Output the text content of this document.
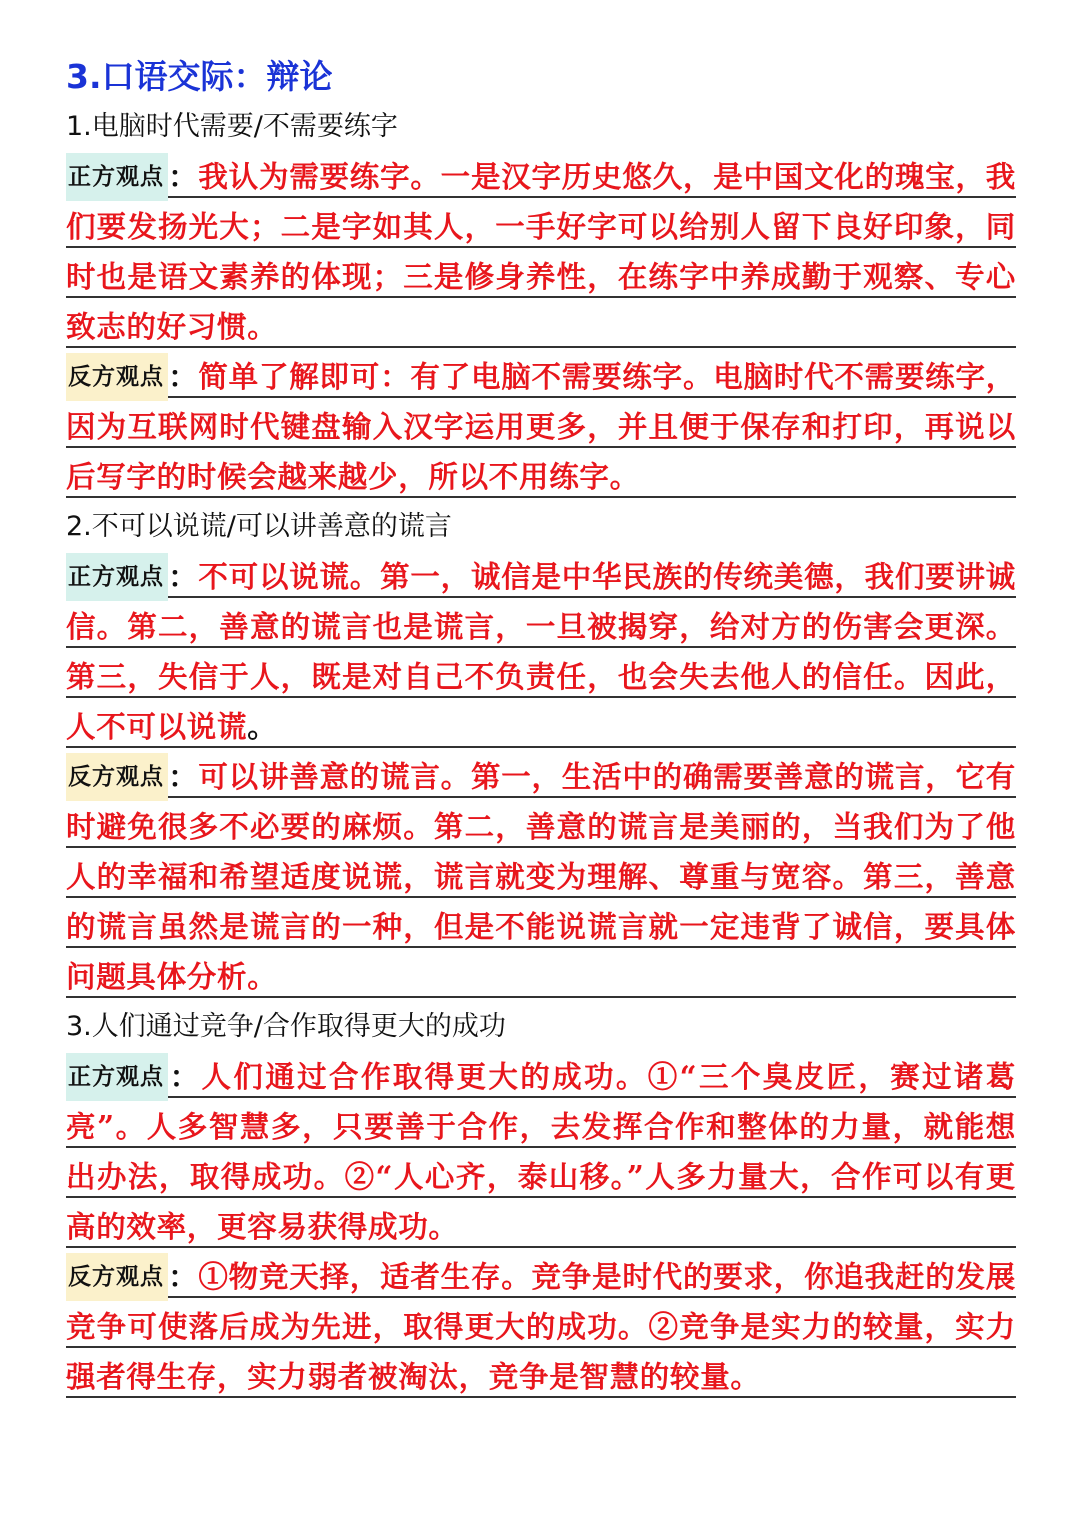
3.口语交际：辩论

1.电脑时代需要/不需要练字

正方观点 ：我认为需要练字。一是汉字历史悠久，是中国文化的瑰宝，我们要发扬光大；二是字如其人，一手好字可以给别人留下良好印象，同时也是语文素养的体现；三是修身养性，在练字中养成勤于观察、专心致志的好习惯。

反方观点 ：简单了解即可：有了电脑不需要练字。电脑时代不需要练字，因为互联网时代键盘输入汉字运用更多，并且便于保存和打印，再说以后写字的时候会越来越少，所以不用练字。

2.不可以说谎/可以讲善意的谎言

正方观点 ：不可以说谎。第一，诚信是中华民族的传统美德，我们要讲诚信。第二，善意的谎言也是谎言，一旦被揭穿，给对方的伤害会更深。第三，失信于人，既是对自己不负责任，也会失去他人的信任。因此，人不可以说谎。

反方观点 ：可以讲善意的谎言。第一，生活中的确需要善意的谎言，它有时避免很多不必要的麻烦。第二，善意的谎言是美丽的，当我们为了他人的幸福和希望适度说谎，谎言就变为理解、尊重与宽容。第三，善意的谎言虽然是谎言的一种，但是不能说谎言就一定违背了诚信，要具体问题具体分析。

3.人们通过竞争/合作取得更大的成功

正方观点 ：人们通过合作取得更大的成功。①“三个臭皮匠，赛过诸葛亮”。人多智慧多，只要善于合作，去发挥合作和整体的力量，就能想出办法，取得成功。②“人心齐，泰山移。”人多力量大，合作可以有更高的效率，更容易获得成功。

反方观点 ：①物竞天择，适者生存。竞争是时代的要求，你追我赶的发展竞争可使落后成为先进，取得更大的成功。②竞争是实力的较量，实力强者得生存，实力弱者被淘汰，竞争是智慧的较量。
